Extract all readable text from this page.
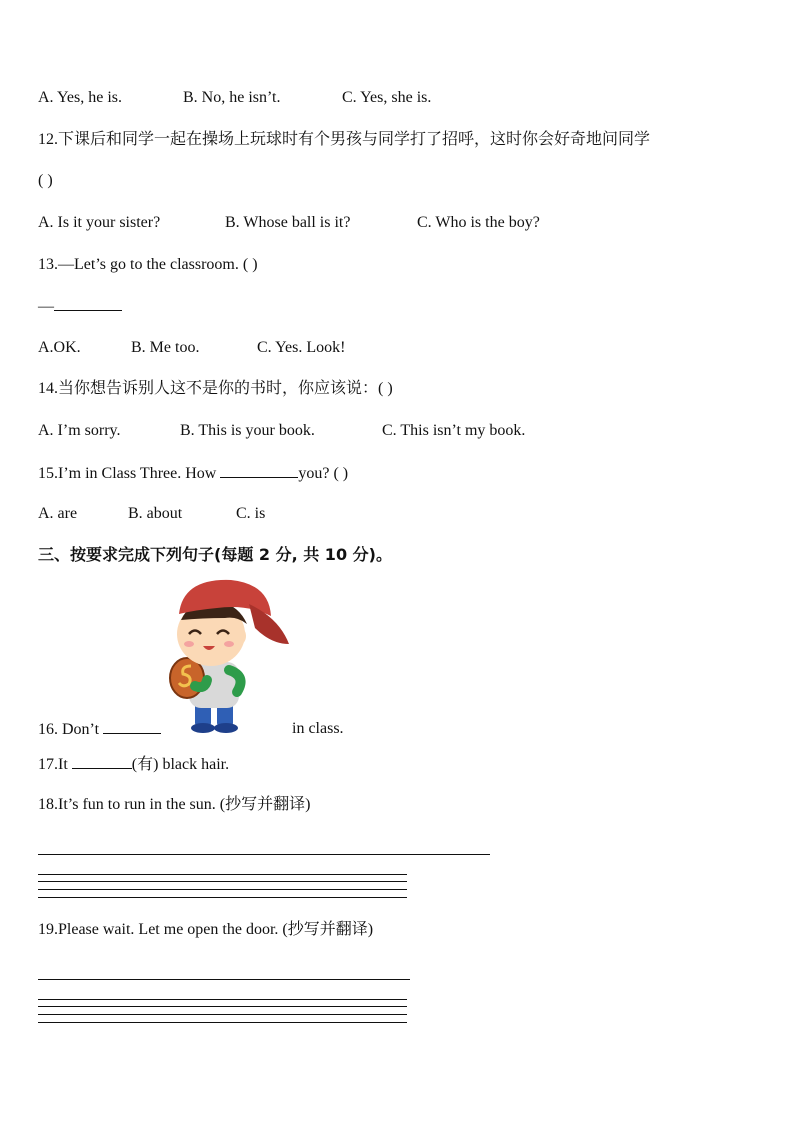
A. Yes, he is.	B. No, he isn’t.	C. Yes, she is.
12.下课后和同学一起在操场上玩球时有个男孩与同学打了招呼，这时你会好奇地问同学
( )
A. Is it your sister?	B. Whose ball is it?	C. Who is the boy?
13.—Let’s go to the classroom. ( )
—
A.OK.	B. Me too.	C. Yes. Look!
14.当你想告诉别人这不是你的书时，你应该说：( )
A. I’m sorry.	B. This is your book.	C. This isn’t my book.
15.I’m in Class Three. How	you? ( )
A. are	B. about	C. is
三、按要求完成下列句子(每题 2 分, 共 10 分)。
16. Don’t	in class.
17.It	(有) black hair.
18.It’s fun to run in the sun. (抄写并翻译)
19.Please wait. Let me open the door. (抄写并翻译)
